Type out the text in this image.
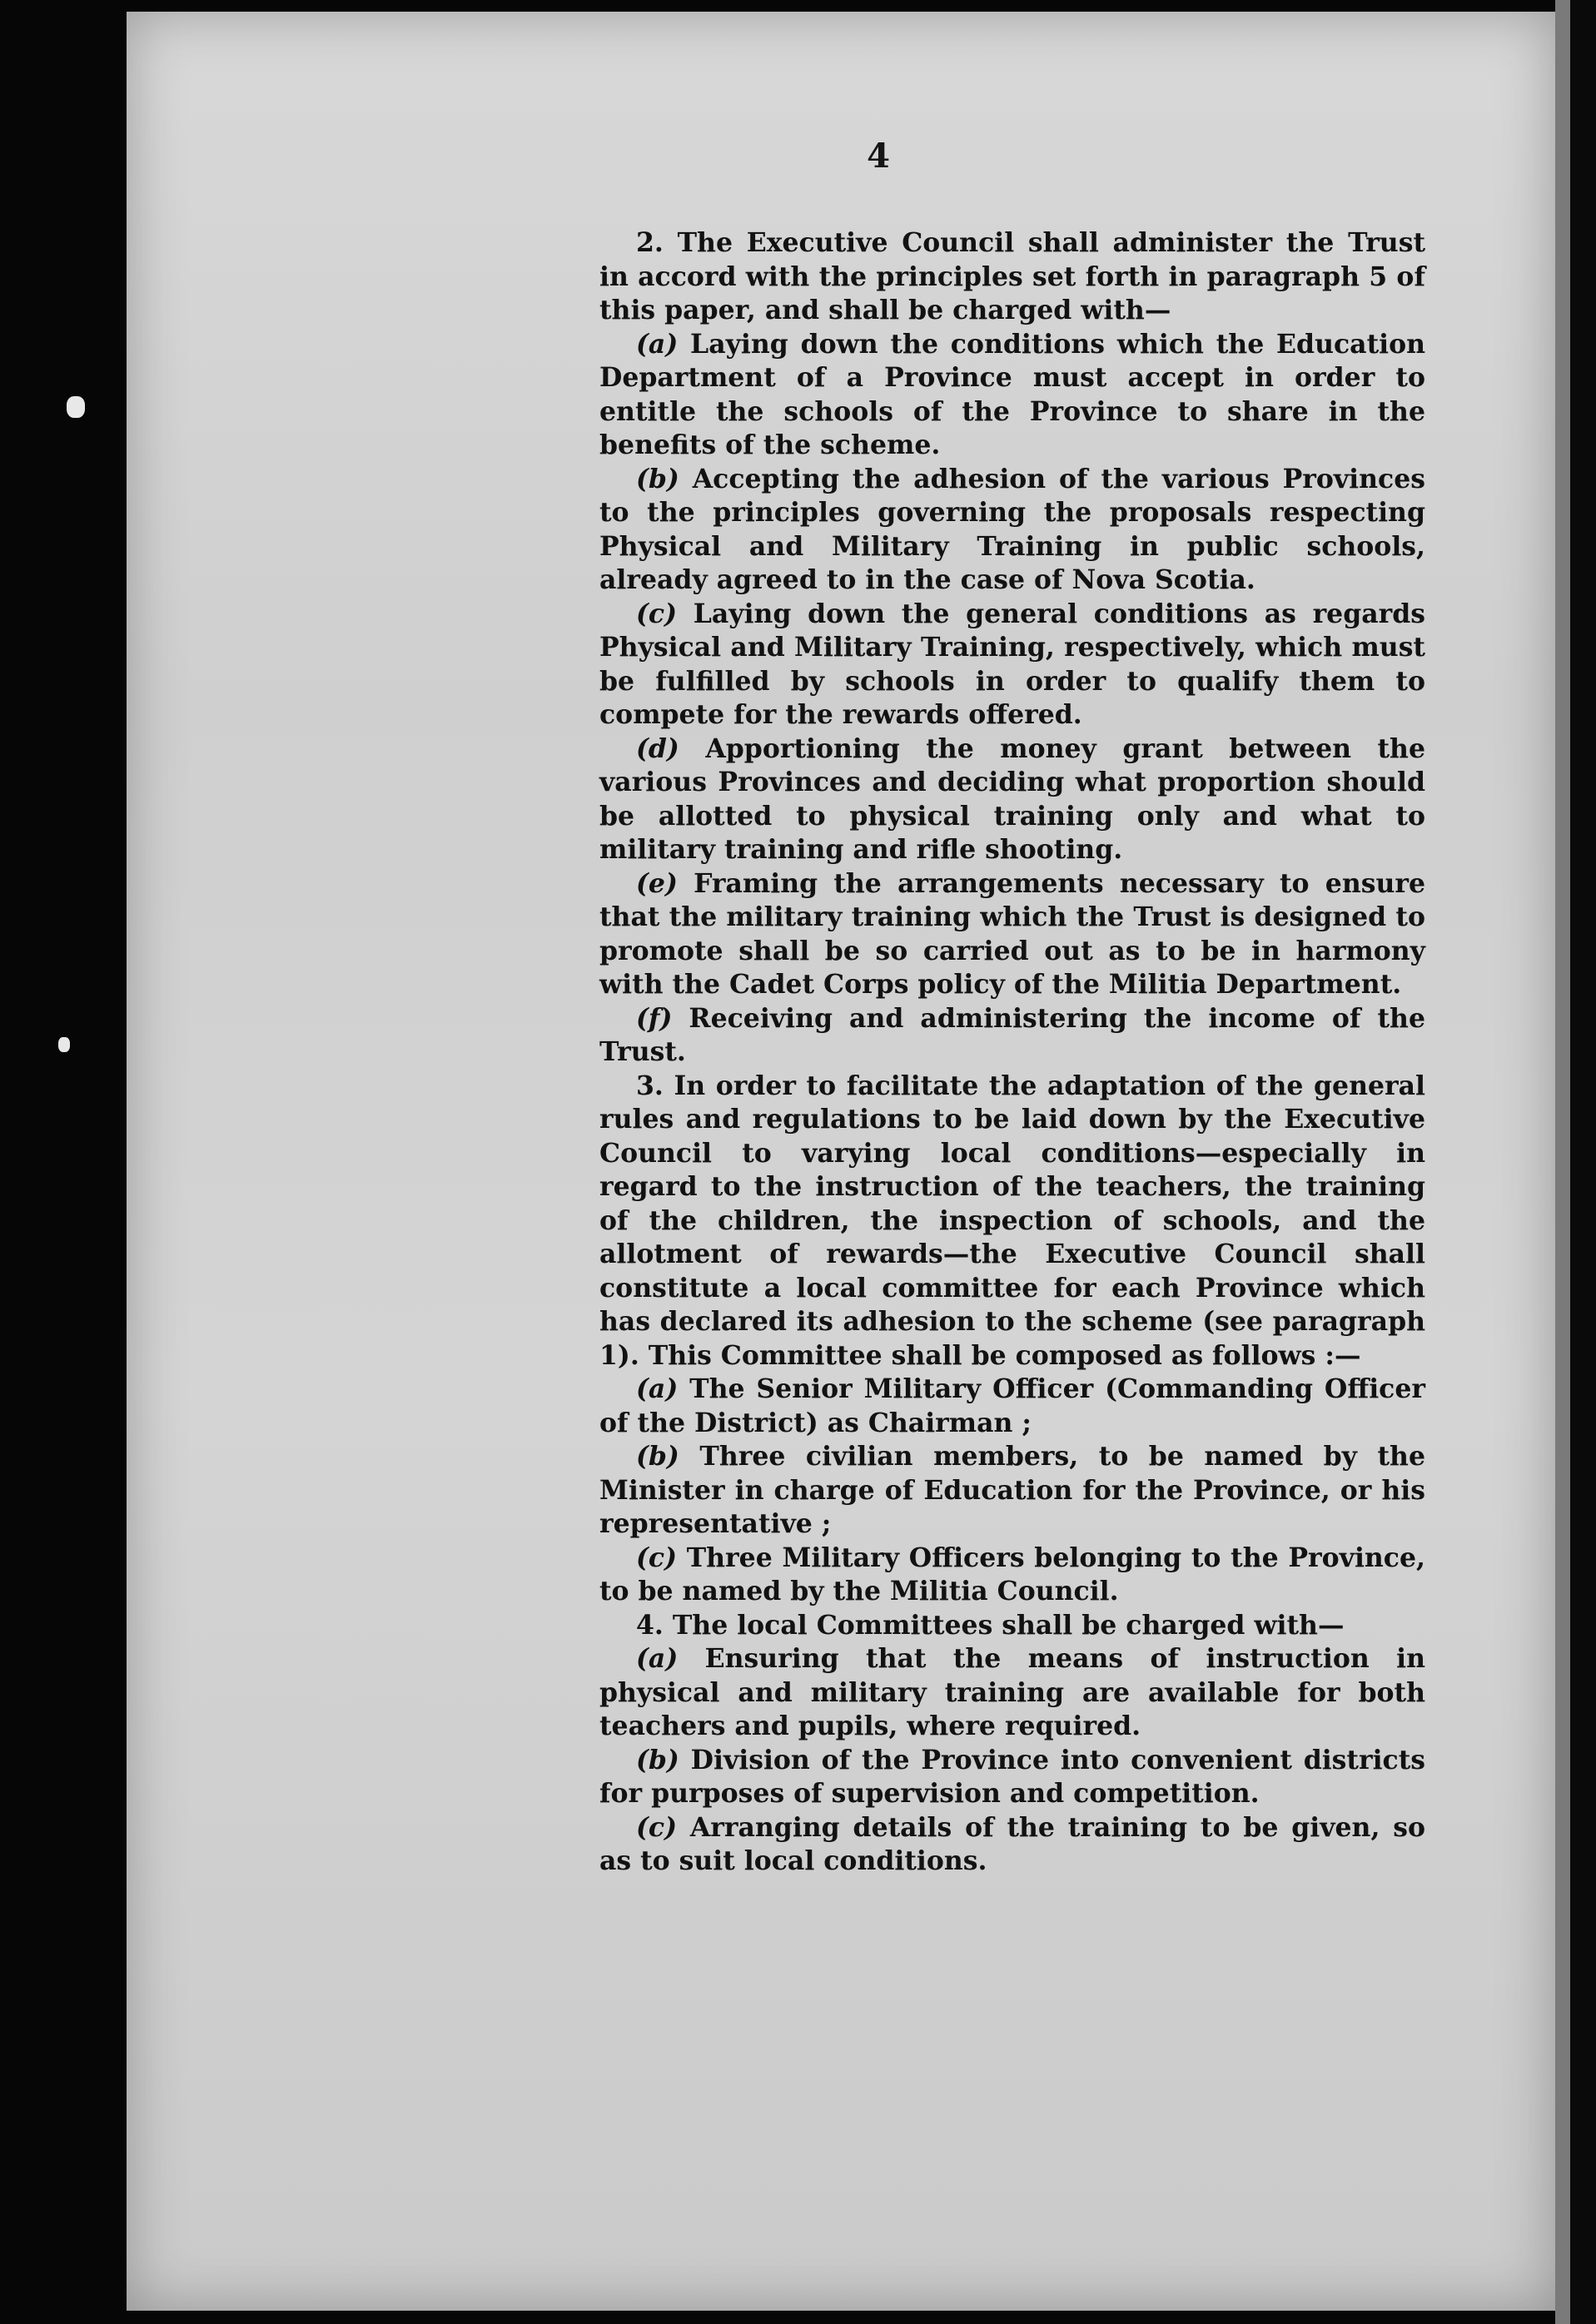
4

2. The Executive Council shall administer the Trust in accord with the principles set forth in paragraph 5 of this paper, and shall be charged with—

(a) Laying down the conditions which the Education Department of a Province must accept in order to entitle the schools of the Province to share in the benefits of the scheme.

(b) Accepting the adhesion of the various Provinces to the principles governing the proposals respecting Physical and Military Training in public schools, already agreed to in the case of Nova Scotia.

(c) Laying down the general conditions as regards Physical and Military Training, respectively, which must be fulfilled by schools in order to qualify them to compete for the rewards offered.

(d) Apportioning the money grant between the various Provinces and deciding what proportion should be allotted to physical training only and what to military training and rifle shooting.

(e) Framing the arrangements necessary to ensure that the military training which the Trust is designed to promote shall be so carried out as to be in harmony with the Cadet Corps policy of the Militia Department.

(f) Receiving and administering the income of the Trust.

3. In order to facilitate the adaptation of the general rules and regulations to be laid down by the Executive Council to varying local conditions—especially in regard to the instruction of the teachers, the training of the children, the inspection of schools, and the allotment of rewards—the Executive Council shall constitute a local committee for each Province which has declared its adhesion to the scheme (see paragraph 1). This Committee shall be composed as follows :—

(a) The Senior Military Officer (Commanding Officer of the District) as Chairman ;

(b) Three civilian members, to be named by the Minister in charge of Education for the Province, or his representative ;

(c) Three Military Officers belonging to the Province, to be named by the Militia Council.

4. The local Committees shall be charged with—

(a) Ensuring that the means of instruction in physical and military training are available for both teachers and pupils, where required.

(b) Division of the Province into convenient districts for purposes of supervision and competition.

(c) Arranging details of the training to be given, so as to suit local conditions.
